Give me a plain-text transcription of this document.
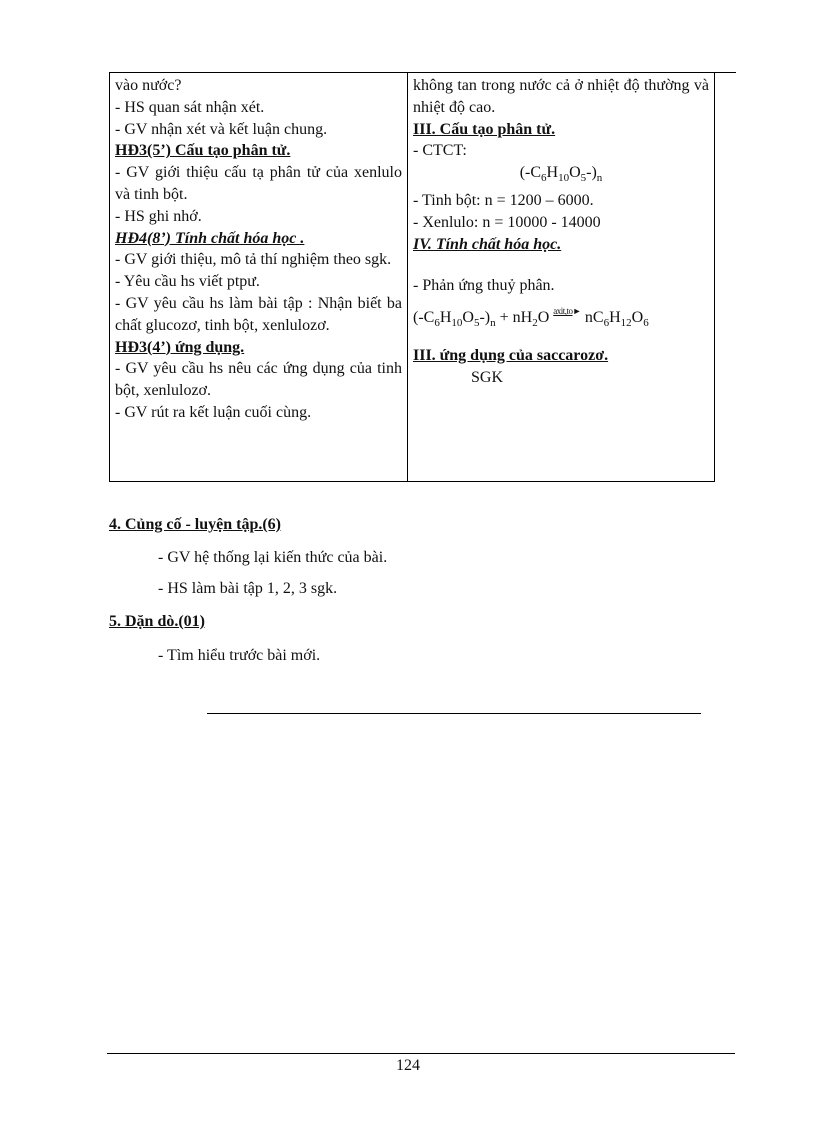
vào nước?
- HS quan sát nhận xét.
- GV nhận xét và kết luận chung.
HĐ3(5’) Cấu tạo phân tử.
- GV giới thiệu cấu tạ phân tử của xenlulo và tinh bột.
- HS ghi nhớ.
HĐ4(8’) Tính chất hóa học .
- GV giới thiệu, mô tả thí nghiệm theo sgk.
- Yêu cầu hs viết ptpư.
- GV yêu cầu hs làm bài tập : Nhận biết ba chất glucozơ, tinh bột, xenlulozơ.
HĐ3(4’) ứng dụng.
- GV yêu cầu hs nêu các ứng dụng của tinh bột, xenlulozơ.
- GV rút ra kết luận cuối cùng.

không tan trong nước cả ở nhiệt độ thường và nhiệt độ cao.
III. Cấu tạo phân tử.
- CTCT:
$(-C_6H_{10}O_5-)_n$
- Tinh bột: n = 1200 – 6000.
- Xenlulo: n = 10000 - 14000
IV. Tính chất hóa học.
- Phản ứng thuỷ phân.
$(-C_6H_{10}O_5-)_n + nH_2O$ $^{axit,to►}$ $nC_6H_{12}O_6$
III. ứng dụng của saccarozơ.
SGK
4. Củng cố - luyện tập.(6)
- GV hệ thống lại kiến thức của bài.
- HS làm bài tập 1, 2, 3 sgk.
5. Dặn dò.(01)
- Tìm hiểu trước bài mới.
124
